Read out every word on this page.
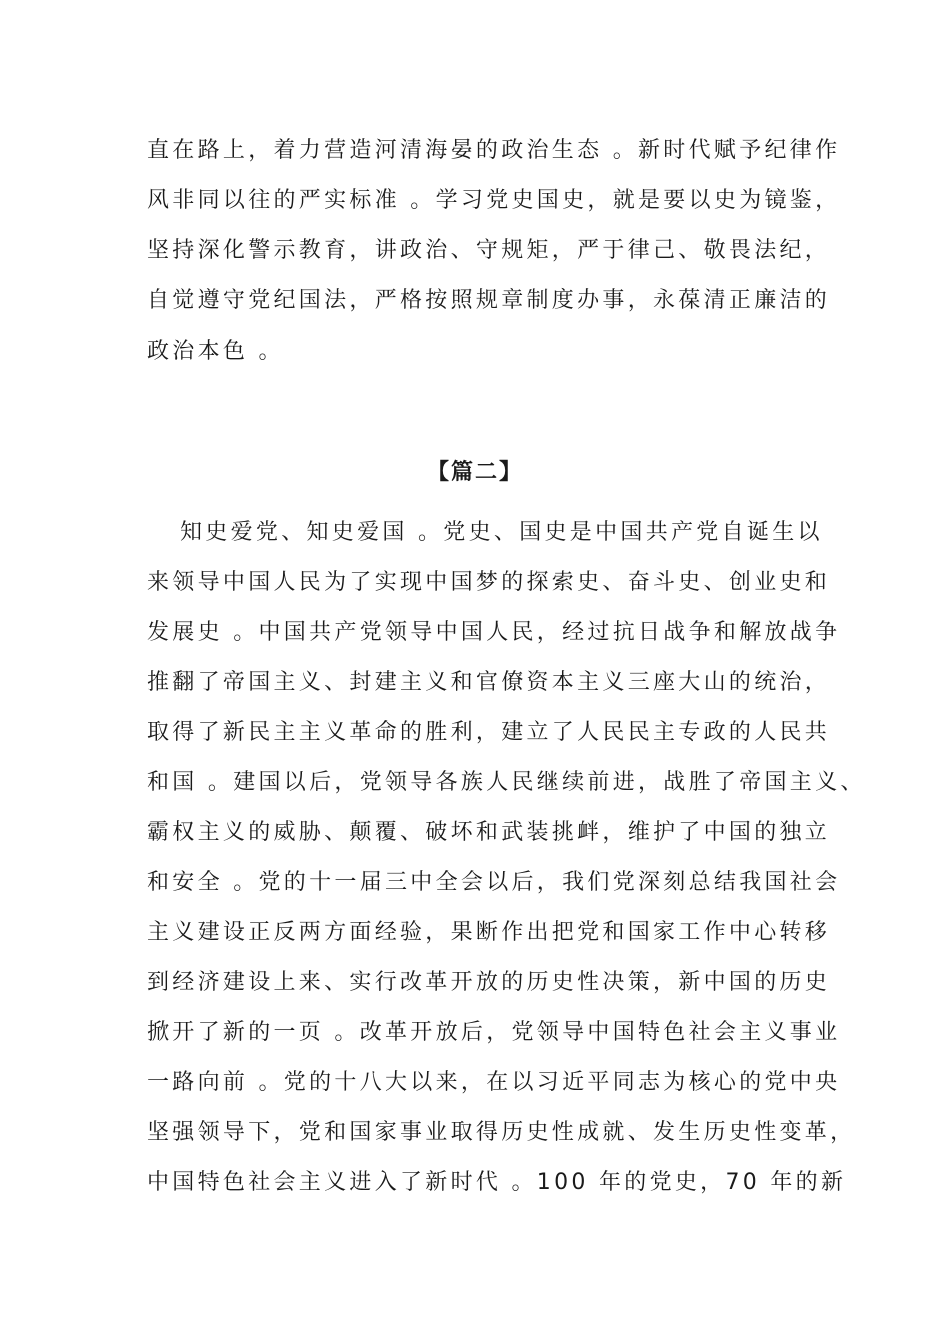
直在路上，着力营造河清海晏的政治生态 。新时代赋予纪律作
风非同以往的严实标准 。学习党史国史，就是要以史为镜鉴，
坚持深化警示教育，讲政治、守规矩，严于律己、敬畏法纪，
自觉遵守党纪国法，严格按照规章制度办事，永葆清正廉洁的
政治本色 。
【篇二】
知史爱党、知史爱国 。党史、国史是中国共产党自诞生以
来领导中国人民为了实现中国梦的探索史、奋斗史、创业史和
发展史 。中国共产党领导中国人民，经过抗日战争和解放战争
推翻了帝国主义、封建主义和官僚资本主义三座大山的统治，
取得了新民主主义革命的胜利，建立了人民民主专政的人民共
和国 。建国以后，党领导各族人民继续前进，战胜了帝国主义、
霸权主义的威胁、颠覆、破坏和武装挑衅，维护了中国的独立
和安全 。党的十一届三中全会以后，我们党深刻总结我国社会
主义建设正反两方面经验，果断作出把党和国家工作中心转移
到经济建设上来、实行改革开放的历史性决策，新中国的历史
掀开了新的一页 。改革开放后，党领导中国特色社会主义事业
一路向前 。党的十八大以来，在以习近平同志为核心的党中央
坚强领导下，党和国家事业取得历史性成就、发生历史性变革，
中国特色社会主义进入了新时代 。100 年的党史，70 年的新
